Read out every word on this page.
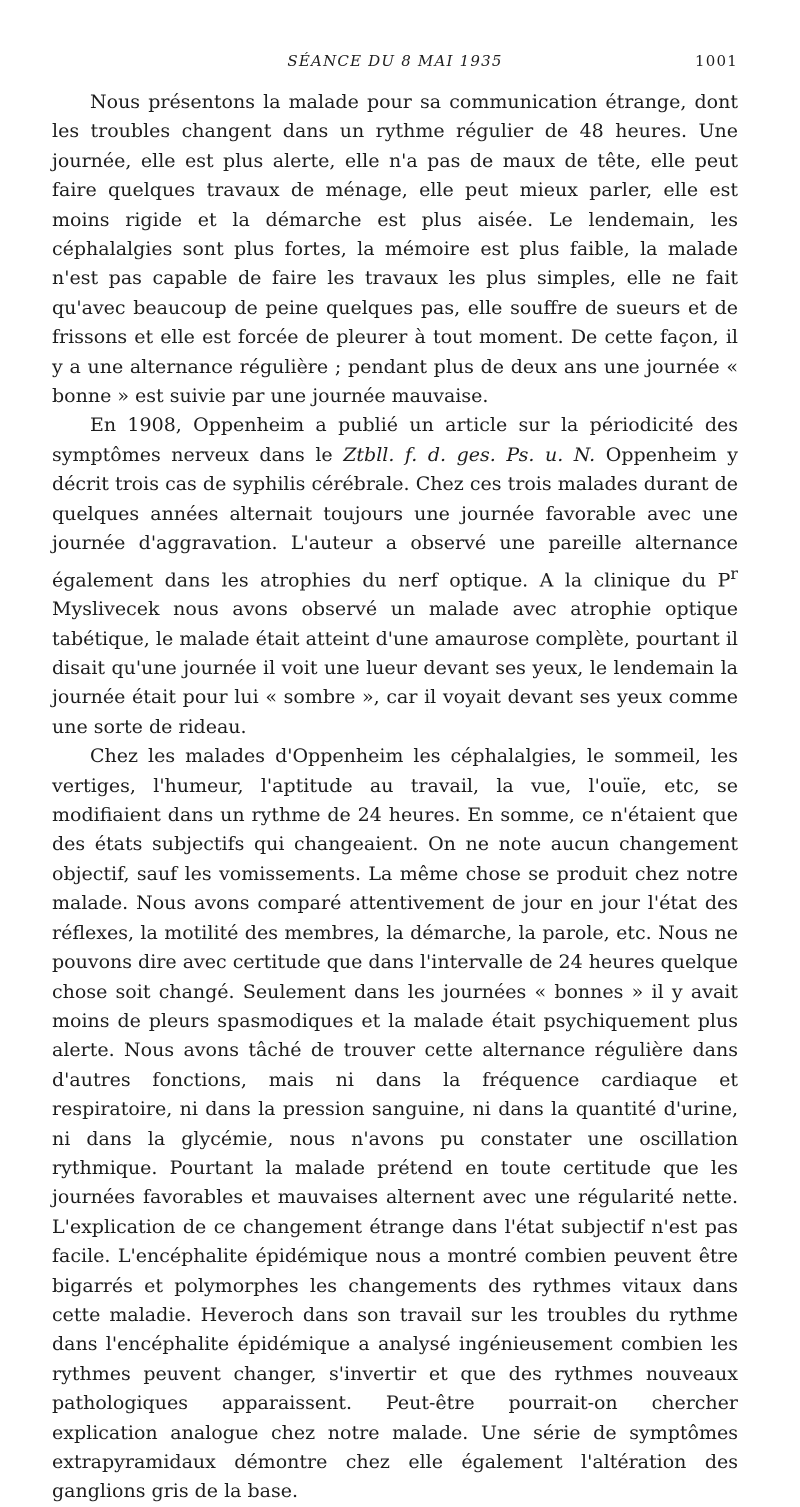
SÉANCE DU 8 MAI 1935	1001

Nous présentons la malade pour sa communication étrange, dont les troubles changent dans un rythme régulier de 48 heures. Une journée, elle est plus alerte, elle n'a pas de maux de tête, elle peut faire quelques travaux de ménage, elle peut mieux parler, elle est moins rigide et la démarche est plus aisée. Le lendemain, les céphalalgies sont plus fortes, la mémoire est plus faible, la malade n'est pas capable de faire les travaux les plus simples, elle ne fait qu'avec beaucoup de peine quelques pas, elle souffre de sueurs et de frissons et elle est forcée de pleurer à tout moment. De cette façon, il y a une alternance régulière ; pendant plus de deux ans une journée « bonne » est suivie par une journée mauvaise.

En 1908, Oppenheim a publié un article sur la périodicité des symptômes nerveux dans le Ztbll. f. d. ges. Ps. u. N. Oppenheim y décrit trois cas de syphilis cérébrale. Chez ces trois malades durant de quelques années alternait toujours une journée favorable avec une journée d'aggravation. L'auteur a observé une pareille alternance également dans les atrophies du nerf optique. A la clinique du $P^r$ Myslivecek nous avons observé un malade avec atrophie optique tabétique, le malade était atteint d'une amaurose complète, pourtant il disait qu'une journée il voit une lueur devant ses yeux, le lendemain la journée était pour lui « sombre », car il voyait devant ses yeux comme une sorte de rideau.

Chez les malades d'Oppenheim les céphalalgies, le sommeil, les vertiges, l'humeur, l'aptitude au travail, la vue, l'ouïe, etc, se modifiaient dans un rythme de 24 heures. En somme, ce n'étaient que des états subjectifs qui changeaient. On ne note aucun changement objectif, sauf les vomissements. La même chose se produit chez notre malade. Nous avons comparé attentivement de jour en jour l'état des réflexes, la motilité des membres, la démarche, la parole, etc. Nous ne pouvons dire avec certitude que dans l'intervalle de 24 heures quelque chose soit changé. Seulement dans les journées « bonnes » il y avait moins de pleurs spasmodiques et la malade était psychiquement plus alerte. Nous avons tâché de trouver cette alternance régulière dans d'autres fonctions, mais ni dans la fréquence cardiaque et respiratoire, ni dans la pression sanguine, ni dans la quantité d'urine, ni dans la glycémie, nous n'avons pu constater une oscillation rythmique. Pourtant la malade prétend en toute certitude que les journées favorables et mauvaises alternent avec une régularité nette. L'explication de ce changement étrange dans l'état subjectif n'est pas facile. L'encéphalite épidémique nous a montré combien peuvent être bigarrés et polymorphes les changements des rythmes vitaux dans cette maladie. Heveroch dans son travail sur les troubles du rythme dans l'encéphalite épidémique a analysé ingénieusement combien les rythmes peuvent changer, s'invertir et que des rythmes nouveaux pathologiques apparaissent. Peut-être pourrait-on chercher explication analogue chez notre malade. Une série de symptômes extrapyramidaux démontre chez elle également l'altération des ganglions gris de la base.
